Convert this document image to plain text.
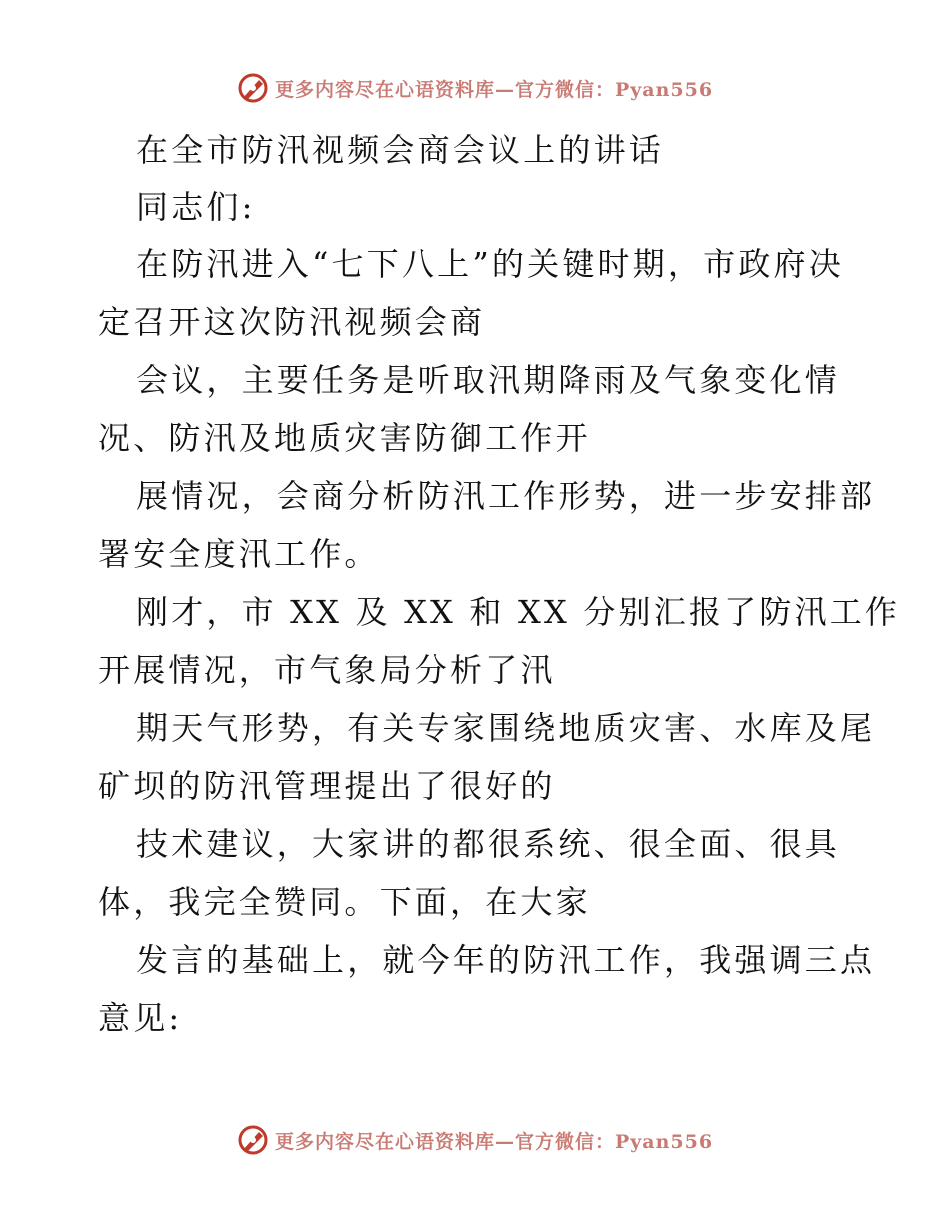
更多内容尽在心语资料库—官方微信：Pyan556
在全市防汛视频会商会议上的讲话
同志们:
在防汛进入“七下八上”的关键时期，市政府决
定召开这次防汛视频会商
会议，主要任务是听取汛期降雨及气象变化情
况、防汛及地质灾害防御工作开
展情况，会商分析防汛工作形势，进一步安排部
署安全度汛工作。
刚才，市 XX 及 XX 和 XX 分别汇报了防汛工作
开展情况，市气象局分析了汛
期天气形势，有关专家围绕地质灾害、水库及尾
矿坝的防汛管理提出了很好的
技术建议，大家讲的都很系统、很全面、很具
体，我完全赞同。下面，在大家
发言的基础上，就今年的防汛工作，我强调三点
意见:
更多内容尽在心语资料库—官方微信：Pyan556
